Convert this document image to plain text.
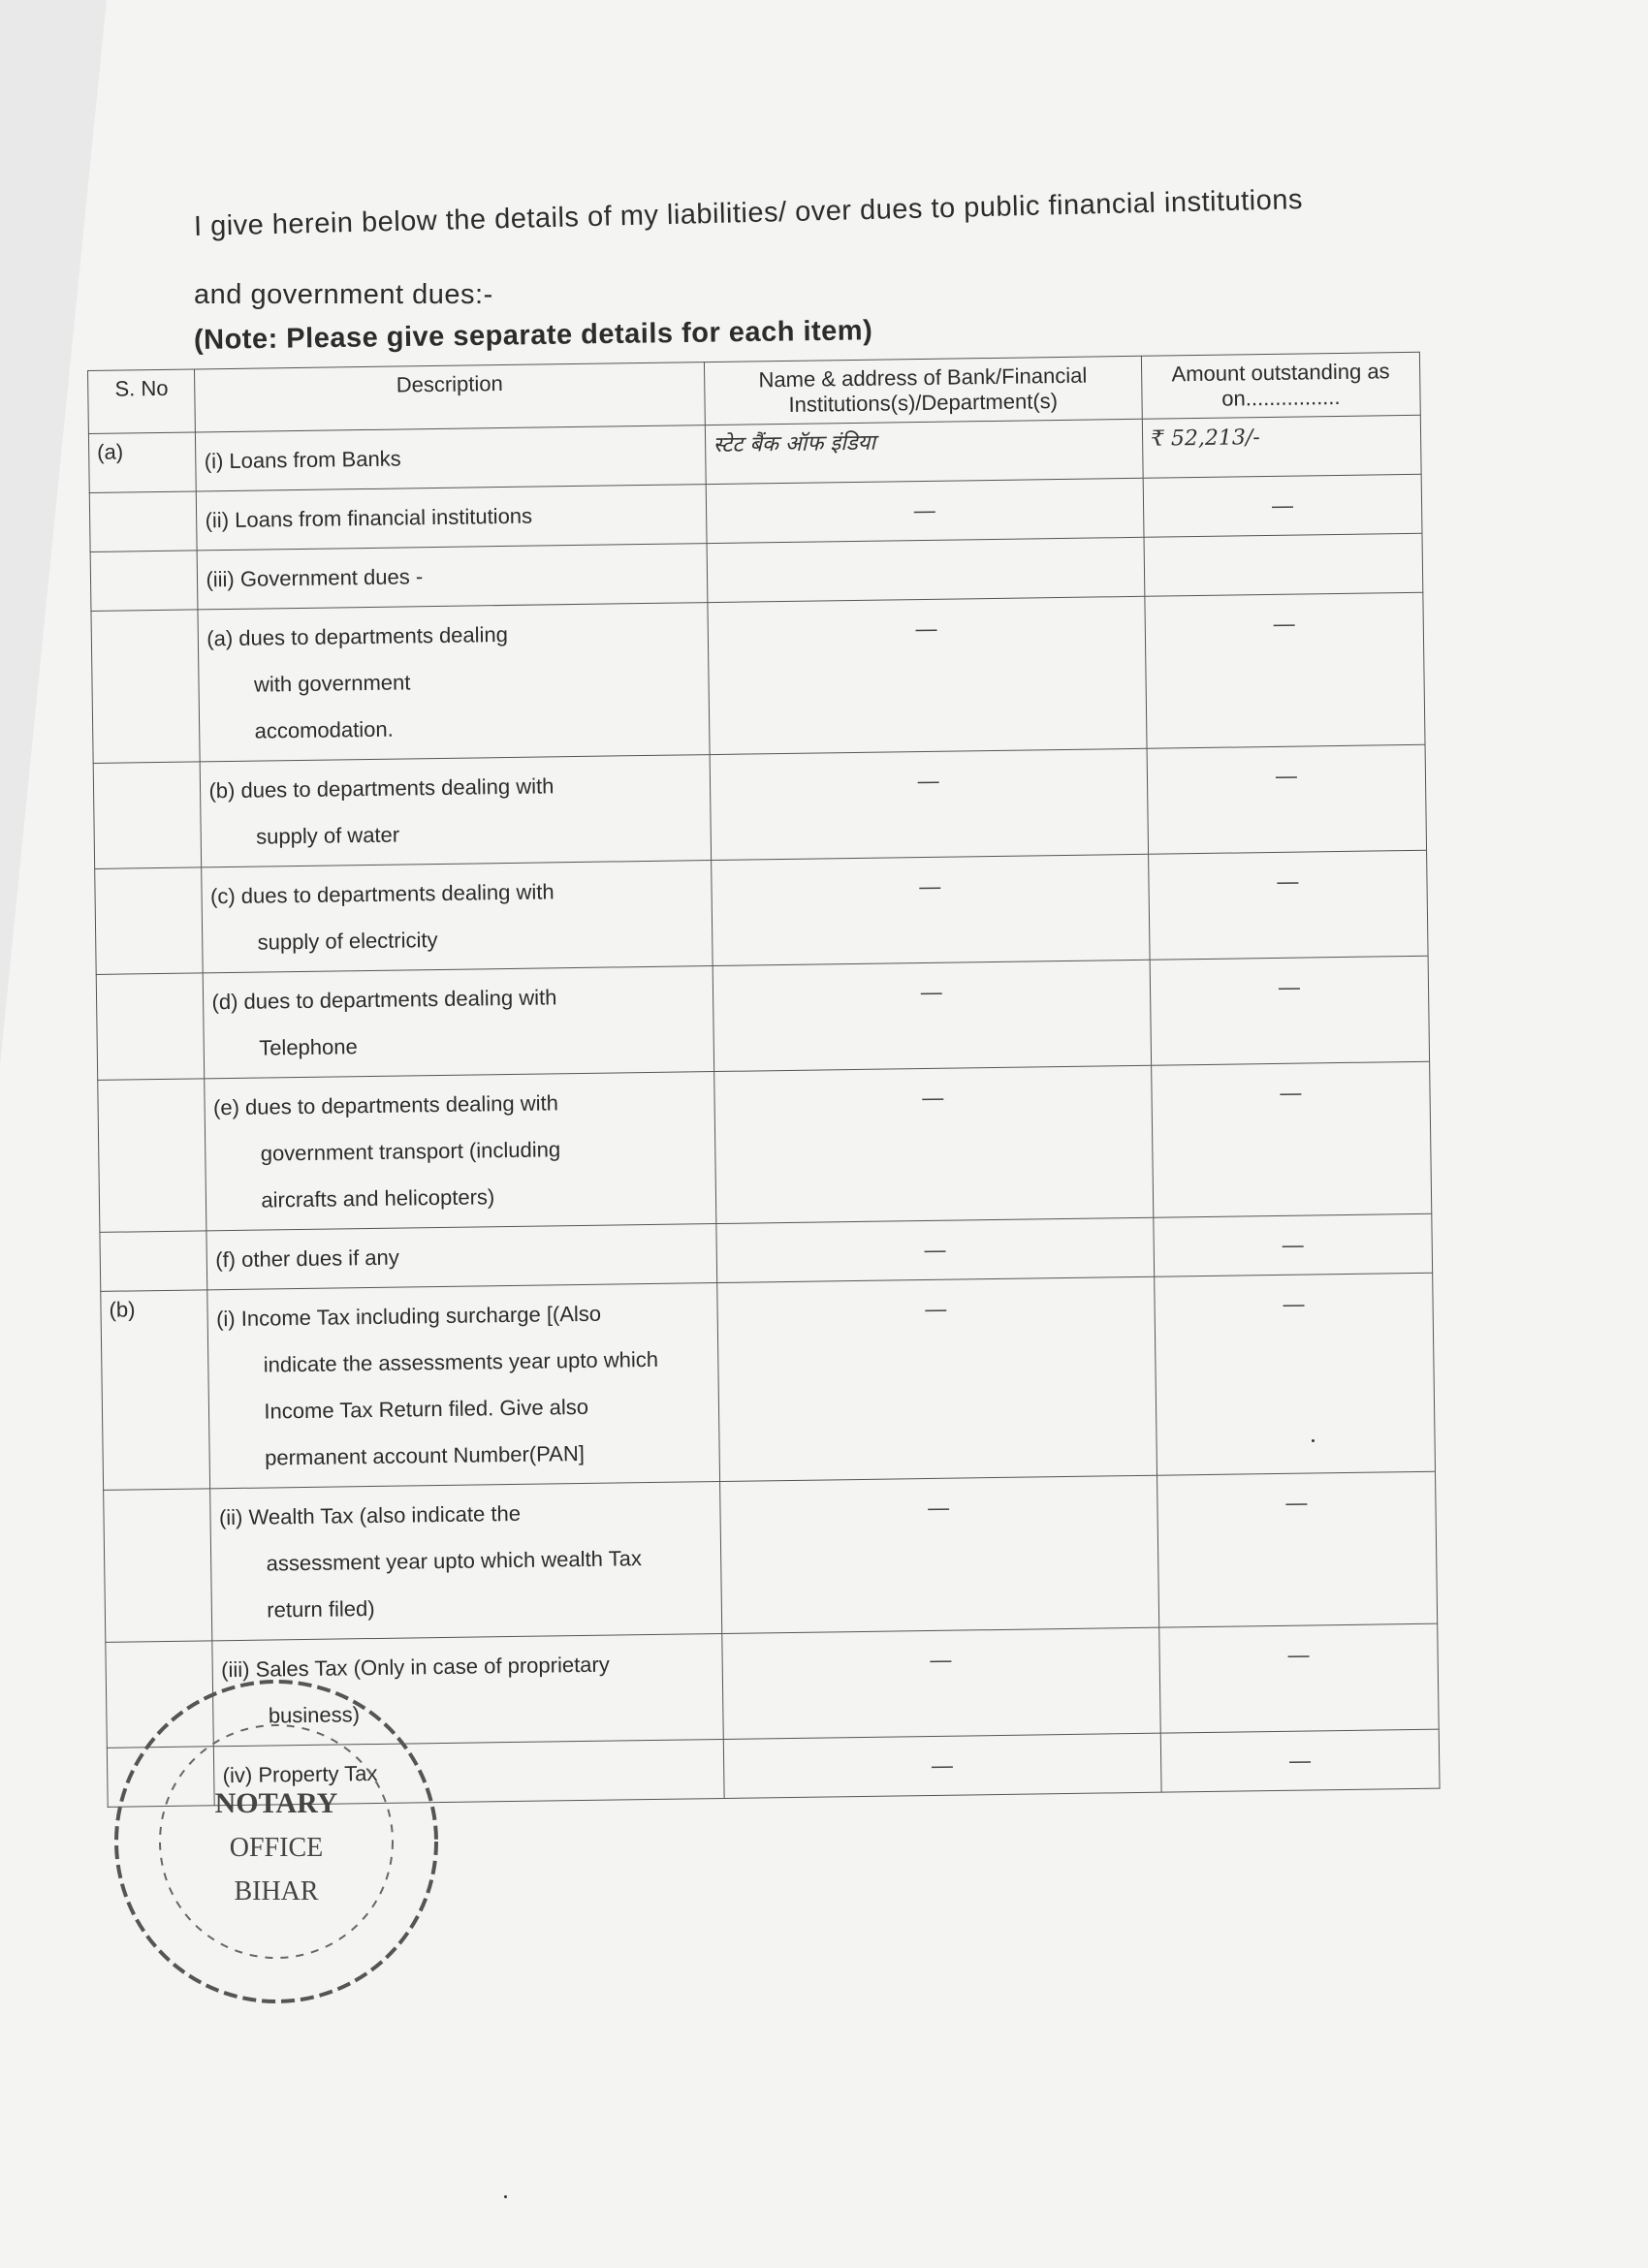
I give herein below the details of my liabilities/ over dues to public financial institutions
and government dues:-
(Note: Please give separate details for each item)
S. No	Description	Name & address of Bank/Financial Institutions(s)/Department(s)	Amount outstanding as on................
(a)	(i) Loans from Banks	स्टेट बैंक ऑफ इंडिया	₹ 52,213/-

	(ii) Loans from financial institutions	—	—

	(iii) Government dues -		

	(a) dues to departments dealing
with government
accomodation.	—	—

	(b) dues to departments dealing with
supply of water	—	—

	(c) dues to departments dealing with
supply of electricity	—	—

	(d) dues to departments dealing with
Telephone	—	—

	(e) dues to departments dealing with
government transport (including
aircrafts and helicopters)	—	—

	(f) other dues if any	—	—

(b)	(i) Income Tax including surcharge [(Also
indicate the assessments year upto which
Income Tax Return filed. Give also
permanent account Number(PAN]	—	—

	(ii) Wealth Tax (also indicate the
assessment year upto which wealth Tax
return filed)	—	—

	(iii) Sales Tax (Only in case of proprietary
business)	—	—

	(iv) Property Tax	—	—
NOTARY
OFFICE
BIHAR
